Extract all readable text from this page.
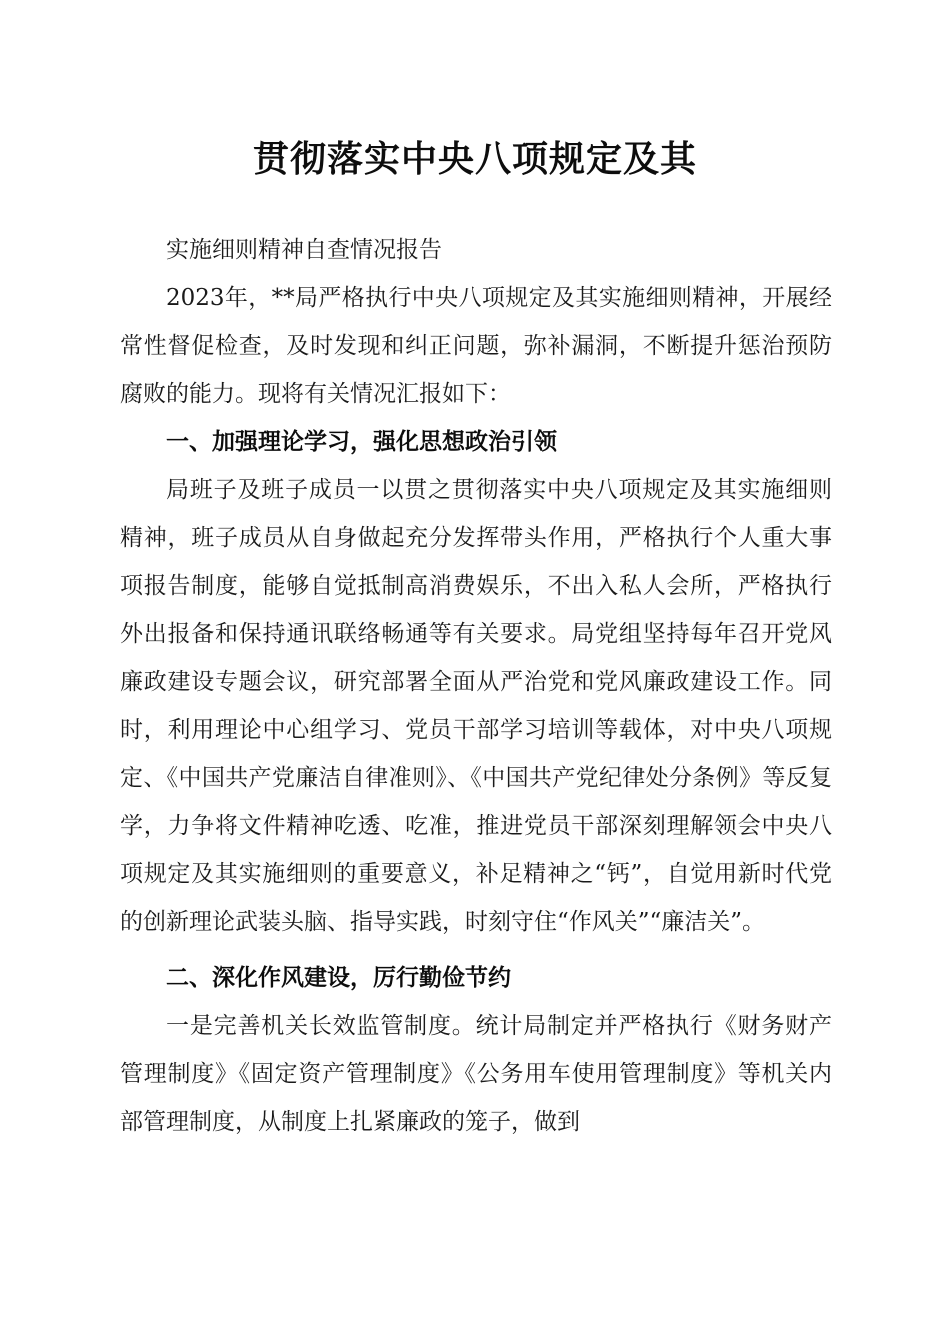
贯彻落实中央八项规定及其

实施细则精神自查情况报告

2023年，**局严格执行中央八项规定及其实施细则精神，开展经常性督促检查，及时发现和纠正问题，弥补漏洞，不断提升惩治预防腐败的能力。现将有关情况汇报如下：

一、加强理论学习，强化思想政治引领

局班子及班子成员一以贯之贯彻落实中央八项规定及其实施细则精神，班子成员从自身做起充分发挥带头作用，严格执行个人重大事项报告制度，能够自觉抵制高消费娱乐，不出入私人会所，严格执行外出报备和保持通讯联络畅通等有关要求。局党组坚持每年召开党风廉政建设专题会议，研究部署全面从严治党和党风廉政建设工作。同时，利用理论中心组学习、党员干部学习培训等载体，对中央八项规定、《中国共产党廉洁自律准则》、《中国共产党纪律处分条例》等反复学，力争将文件精神吃透、吃准，推进党员干部深刻理解领会中央八项规定及其实施细则的重要意义，补足精神之“钙”，自觉用新时代党的创新理论武装头脑、指导实践，时刻守住“作风关”“廉洁关”。

二、深化作风建设，厉行勤俭节约

一是完善机关长效监管制度。统计局制定并严格执行《财务财产管理制度》《固定资产管理制度》《公务用车使用管理制度》等机关内部管理制度，从制度上扎紧廉政的笼子，做到
